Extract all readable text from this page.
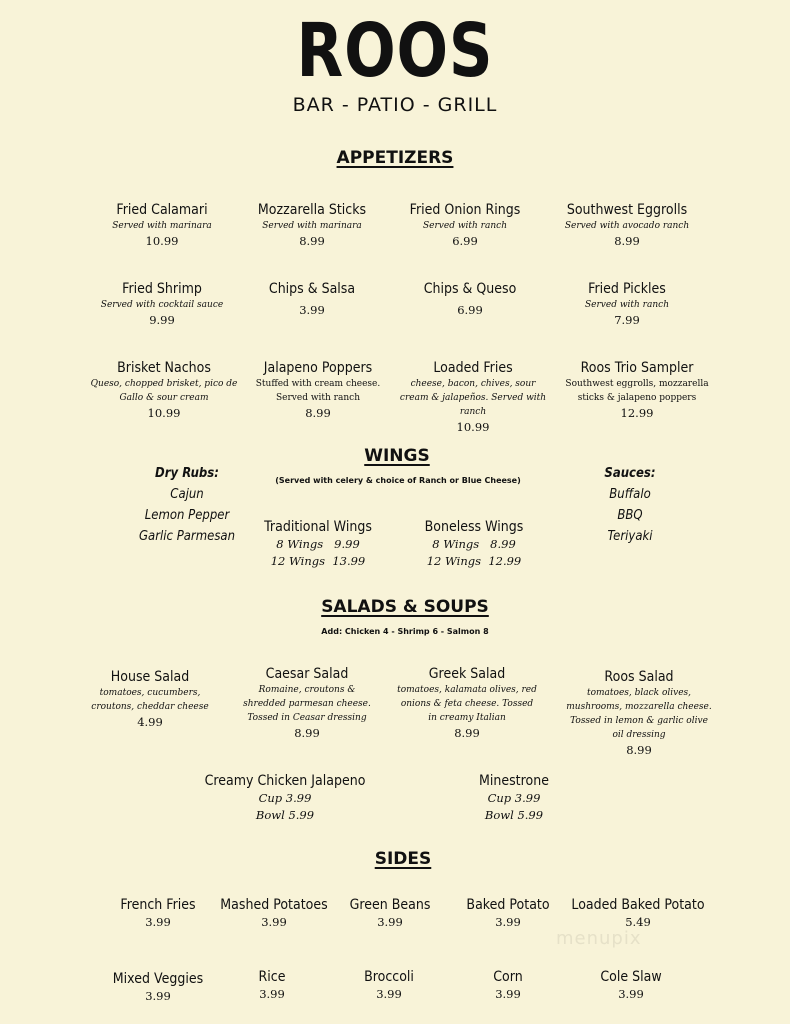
ROOS
BAR - PATIO - GRILL
APPETIZERS
Fried Calamari
Served with marinara
10.99
Mozzarella Sticks
Served with marinara
8.99
Fried Onion Rings
Served with ranch
6.99
Southwest Eggrolls
Served with avocado ranch
8.99
Fried Shrimp
Served with cocktail sauce
9.99
Chips & Salsa
3.99
Chips & Queso
6.99
Fried Pickles
Served with ranch
7.99
Brisket Nachos
Queso, chopped brisket, pico de Gallo & sour cream
10.99
Jalapeno Poppers
Stuffed with cream cheese. Served with ranch
8.99
Loaded Fries
cheese, bacon, chives, sour cream & jalapeños. Served with ranch
10.99
Roos Trio Sampler
Southwest eggrolls, mozzarella sticks & jalapeno poppers
12.99
WINGS
(Served with celery & choice of Ranch or Blue Cheese)
Dry Rubs:
Cajun
Lemon Pepper
Garlic Parmesan
Sauces:
Buffalo
BBQ
Teriyaki
Traditional Wings
8 Wings 9.99
12 Wings 13.99
Boneless Wings
8 Wings 8.99
12 Wings 12.99
SALADS & SOUPS
Add: Chicken 4 - Shrimp 6 - Salmon 8
House Salad
tomatoes, cucumbers, croutons, cheddar cheese
4.99
Caesar Salad
Romaine, croutons & shredded parmesan cheese. Tossed in Ceasar dressing
8.99
Greek Salad
tomatoes, kalamata olives, red onions & feta cheese. Tossed in creamy Italian
8.99
Roos Salad
tomatoes, black olives, mushrooms, mozzarella cheese. Tossed in lemon & garlic olive oil dressing
8.99
Creamy Chicken Jalapeno
Cup 3.99
Bowl 5.99
Minestrone
Cup 3.99
Bowl 5.99
SIDES
French Fries
3.99
Mashed Potatoes
3.99
Green Beans
3.99
Baked Potato
3.99
Loaded Baked Potato
5.49
Mixed Veggies
3.99
Rice
3.99
Broccoli
3.99
Corn
3.99
Cole Slaw
3.99
menupix
